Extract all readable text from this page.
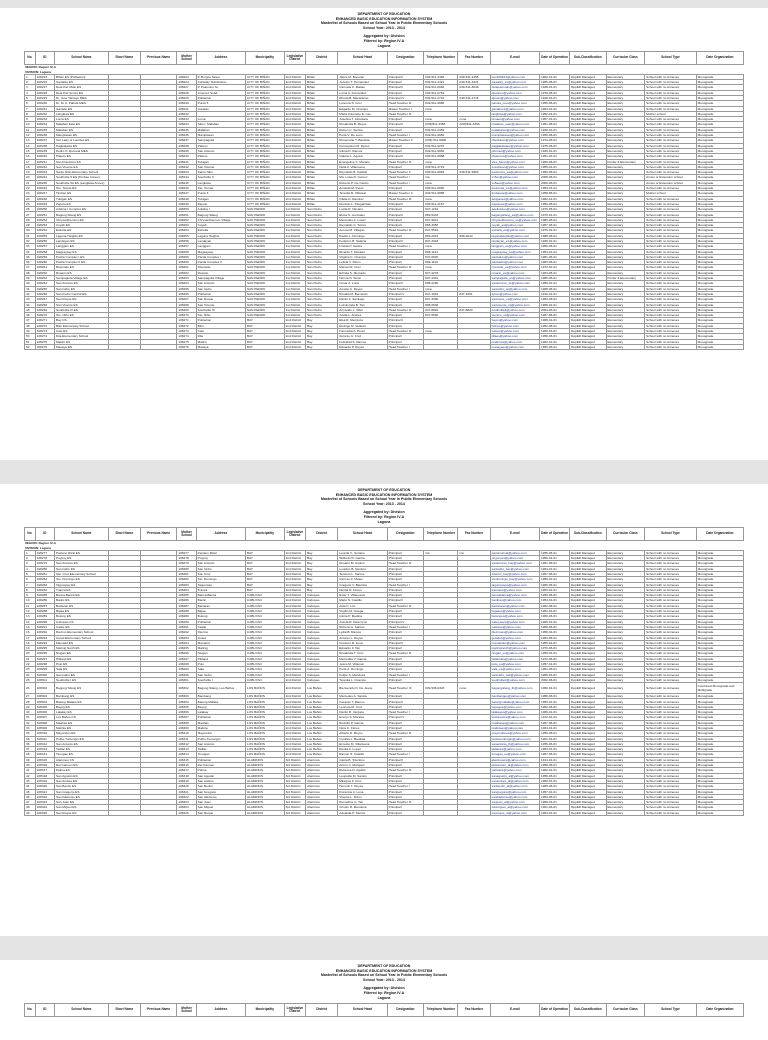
DEPARTMENT OF EDUCATION
ENHANCED BASIC EDUCATION INFORMATION SYSTEM
Masterlist of Schools Based on School Year in Public Elementary Schools
School Year: 2013 - 2014
Aggregated by: Division
Filtered by: Region IV-A
Laguna
No.	ID	School Name	Short Name	Previous Name	Mother School	Address	Municipality	Legislative District	District	School Head	Designation	Telephone Number	Fax Number	E-mail	Date of Operation	Sub-Classification	Curricular Class	School Type	Date Organization
REGION: Region IV-A																			
DIVISION: Laguna																			
1	108223	Biñan ES (Poblacion)			108223	P. Burgos Street	CITY OF BIÑAN	2nd District	Biñan	Jaime M. Bocoran	Principal II	049-511-4455	049-511-4455	bes108223@yahoo.com	1902-01-01	DepED Managed	Elementary	School with no Annexes	Monograde
2	108224	Canlalay ES			108224	Canlalay Subdivision	CITY OF BIÑAN	2nd District	Biñan	Jocelyn T. Hernandez	Principal I	049-511-3421	049-511-3421	canlalay_es@yahoo.com	1965-06-01	DepED Managed	Elementary	School with no Annexes	Monograde
3	108227	Dela Paz Main ES			108227	P. Palomino St.	CITY OF BIÑAN	2nd District	Biñan	Carmela C. Matias	Principal II	049-511-8048	049-511-8048	delapazmain@yahoo.com	1948-01-01	DepED Managed	Elementary	School with no Annexes	Monograde
4	108228	Dela Paz Annex ES			108228	Jimenez Subd.	CITY OF BIÑAN	2nd District	Biñan	Lorna A. Fernandez	Principal I	049-511-0762		dpannex@yahoo.com	1978-06-01	DepED Managed	Elementary	School with no Annexes	Monograde
5	108229	Dr. Jose Tamayo MES			108229	Poblacion	CITY OF BIÑAN	2nd District	Biñan	Rhoda B. Macaranas	Principal IV	049-511-2716	049-511-2716	djtmes@yahoo.com	1918-01-01	DepED Managed	Elementary	School with no Annexes	Monograde
6	108230	Dr. M. A. Pañola MES			108230	Purok 5	CITY OF BIÑAN	2nd District	Biñan	Leonora S. Cruz	Head Teacher III	049-511-9986		panola_mes@yahoo.com	1955-06-01	DepED Managed	Elementary	School with no Annexes	Monograde
7	108231	Ganado ES			108231	Ganado	CITY OF BIÑAN	2nd District	Biñan	Edgardo M. Ocampo	Master Teacher I	none		ganadoes@yahoo.com	1963-01-01	DepED Managed	Elementary	School with no Annexes	Monograde
8	108232	Langkiwa ES			108232		CITY OF BIÑAN	2nd District	Biñan	Maria Antonette E. Lao	Head Teacher III			langkiwa@yahoo.com	1952-01-01	DepED Managed	Elementary	Mother school	Monograde
9	108233	Loma ES			108233	Loma	CITY OF BIÑAN	2nd District	Biñan	Josefina T. Alcantara	Principal I	none	none	lomaes@yahoo.com	1957-01-01	DepED Managed	Elementary	School with no Annexes	Monograde
10	108234	Malaban East ES			108234	Sitio I, Malaban	CITY OF BIÑAN	2nd District	Biñan	Rosalinda B. Reyes	Principal II	(049)511-3356	(049)511-3356	malaban_east@yahoo.com	1961-06-01	DepED Managed	Elementary	School with no Annexes	Monograde
11	108235	Malaban ES			108235	Malaban	CITY OF BIÑAN	2nd District	Biñan	Ruben C. Santos	Principal I	049-511-2359		malabanes@yahoo.com	1930-01-01	DepED Managed	Elementary	School with no Annexes	Monograde
12	108236	Mamplasan ES			108236	Mamplasan	CITY OF BIÑAN	2nd District	Biñan	Perla V. De Leon	Head Teacher I	049-511-9982		mamplasanes@yahoo.com	1956-06-01	DepED Managed	Elementary	School with no Annexes	Monograde
13	108237	Our Lady of Lourdes ES			108237	Sampaguita	CITY OF BIÑAN	2nd District	Biñan	Rosemarie T. Bautista	Master Teacher II	(049) 511-9008		ollesbinan@yahoo.com	1974-06-01	DepED Managed	Elementary	School with no Annexes	Monograde
14	108238	Pagkakaisa ES			108238	Platero	CITY OF BIÑAN	2nd District	Biñan	Concepcion M. Flores	Principal I	049-511-9276		pagkakaisaes@yahoo.com	1975-06-01	DepED Managed	Elementary	School with no Annexes	Monograde
15	108239	Pedro H. Escueta MES			108239	San Antonio	CITY OF BIÑAN	2nd District	Biñan	Gloria D. Ramos	Principal I	049-511-9984		phemes@yahoo.com	1920-01-01	DepED Managed	Elementary	School with no Annexes	Monograde
16	108240	Platero ES			108240	Platero	CITY OF BIÑAN	2nd District	Biñan	Gabriel L. Aquino	Principal II	049-511-9988		plateroes@yahoo.com	1951-01-01	DepED Managed	Elementary	School with no Annexes	Monograde
17	108241	San Francisco ES			108241	Tubigan	CITY OF BIÑAN	2nd District	Biñan	Evangeline C. Manalo	Head Teacher III	none		sfes_binan@yahoo.com	1960-06-01	DepED Managed	Kinder & Elementary	School with no Annexes	Monograde
18	108242	San Vicente ES			108242	San Vicente	CITY OF BIÑAN	2nd District	Biñan	Nelia F. Villanueva	Principal I	049-511-4719		svesbinan@yahoo.com	1955-01-01	DepED Managed	Elementary	School with no Annexes	Monograde
19	108243	Santo Niño Elementary School			108243	Santo Niño	CITY OF BIÑAN	2nd District	Biñan	Reynaldo B. Castillo	Head Teacher II	049-511-9983	049-511-9983	santonino_es@yahoo.com	1966-06-01	DepED Managed	Elementary	School with no Annexes	Monograde
20	108244	Southville 5 ES (Timbao Annex)			108244	Southville 5	CITY OF BIÑAN	2nd District	Biñan	Ma. Luisa R. Gomez	Head Teacher I	n/a		sv5es@yahoo.com	2008-06-01	DepED Managed	Elementary	Annex or Extension school	Monograde
21	108245	Southville 5A ES (Langkiwa Annex)			108245	Langkiwa	CITY OF BIÑAN	2nd District	Biñan	Roberto P. De Castro	Head Teacher I	none		sv5aes@yahoo.com	2009-06-01	DepED Managed	Elementary	Annex or Extension school	Monograde
22	108246	Sto. Tomas ES			108246	Sto. Tomas	CITY OF BIÑAN	2nd District	Biñan	Zenaida M. Perez	Principal I	049-511-8090		stotomas_es@yahoo.com	1953-01-01	DepED Managed	Elementary	School with no Annexes	Monograde
23	108247	Timbao ES			108247	Purok 3	CITY OF BIÑAN	2nd District	Biñan	Teresita R. Villareal	Master Teacher II	049-511-9985		timbaoes@yahoo.com	1958-06-01	DepED Managed	Elementary	Mother school	Monograde
24	108248	Tubigan ES			108248	Tubigan	CITY OF BIÑAN	2nd District	Biñan	Ofelia D. Ramirez	Head Teacher III	none		tubiganes@yahoo.com	1962-01-01	DepED Managed	Elementary	School with no Annexes	Monograde
25	108249	Zapote ES			108249	Zapote	CITY OF BIÑAN	2nd District	Biñan	Dionisio L. Panganiban	Principal II	049-511-4157		zapotees@yahoo.com	1950-06-01	DepED Managed	Elementary	School with no Annexes	Monograde
26	108250	Adelina I Complex ES			108250	Adelina I	SAN PEDRO	1st District	San Pedro	Lucila R. Navarro	Principal I	847-1234		adelina1es@yahoo.com	1979-06-01	DepED Managed	Elementary	School with no Annexes	Monograde
27	108251	Bagong Silang ES			108251	Bagong Silang	SAN PEDRO	1st District	San Pedro	Elvira S. Gonzales	Principal II	869-5433		bagongsilang_es@yahoo.com	1970-01-01	DepED Managed	Elementary	School with no Annexes	Monograde
28	108252	Chrysanthemum ES			108252	Chrysanthemum Village	SAN PEDRO	1st District	San Pedro	Mercedes A. Lopez	Principal I	847-9611		chrysanthemum_es@yahoo.com	1985-06-01	DepED Managed	Elementary	School with no Annexes	Monograde
29	108253	Cuyab ES			108253	Cuyab	SAN PEDRO	1st District	San Pedro	Reynaldo G. Torres	Principal I	868-3350		cuyab_es@yahoo.com	1957-06-01	DepED Managed	Elementary	School with no Annexes	Monograde
30	108254	Estrella ES			108254	Estrella	SAN PEDRO	1st District	San Pedro	Aurora M. Villegas	Head Teacher III	847-5510		estrella_es@yahoo.com	1976-01-01	DepED Managed	Elementary	School with no Annexes	Monograde
31	108255	Laguna Heights ES			108255	Laguna Heights	SAN PEDRO	1st District	San Pedro	Pacita L. Domingo	Principal I	869-2044	869-2044	lagunaheights@yahoo.com	1988-06-01	DepED Managed	Elementary	School with no Annexes	Monograde
32	108256	Landayan ES			108256	Landayan	SAN PEDRO	1st District	San Pedro	Federico B. Salazar	Principal II	847-3318		landayan_es@yahoo.com	1926-01-01	DepED Managed	Elementary	School with no Annexes	Monograde
33	108257	Langgam ES			108257	Langgam	SAN PEDRO	1st District	San Pedro	Imelda P. Garcia	Head Teacher I	none		langgam_es@yahoo.com	1960-06-01	DepED Managed	Elementary	School with no Annexes	Monograde
34	108258	Magsaysay ES			108258	Magsaysay	SAN PEDRO	1st District	San Pedro	Ricardo T. Morales	Principal I	808-1134		magsaysay_sp@yahoo.com	1954-01-01	DepED Managed	Elementary	School with no Annexes	Monograde
35	108259	Pacita Complex I ES			108259	Pacita Complex I	SAN PEDRO	1st District	San Pedro	Virginia C. Ocampo	Principal II	847-6620		pacita1es@yahoo.com	1981-06-01	DepED Managed	Elementary	School with no Annexes	Monograde
36	108260	Pacita Complex II ES			108260	Pacita Complex II	SAN PEDRO	1st District	San Pedro	Leticia V. Dizon	Principal I	869-1129		pacita2es@yahoo.com	1983-06-01	DepED Managed	Elementary	School with no Annexes	Monograde
37	108261	Riverside ES			108261	Riverside	SAN PEDRO	1st District	San Pedro	Manuel R. Cruz	Head Teacher III	none		riverside_es@yahoo.com	1972-01-01	DepED Managed	Elementary	School with no Annexes	Monograde
38	108262	Rosario ES			108262	Rosario	SAN PEDRO	1st District	San Pedro	Erlinda S. Mercado	Principal I	847-2276		rosario_es@yahoo.com	1964-06-01	DepED Managed	Elementary	School with no Annexes	Monograde
39	108263	Sampaguita Village ES			108263	Sampaguita Village	SAN PEDRO	1st District	San Pedro	Norma D. Sison	Principal I	847-4431		sampaguita_es@yahoo.com	1986-06-01	DepED Managed	Kinder & Elementary	School with no Annexes	Monograde
40	108264	San Antonio ES			108264	San Antonio	SAN PEDRO	1st District	San Pedro	Cesar A. Luna	Principal II	808-2290		sanantonio_sp@yahoo.com	1959-01-01	DepED Managed	Elementary	School with no Annexes	Monograde
41	108265	San Isidro ES			108265	San Isidro	SAN PEDRO	1st District	San Pedro	Amelia G. Reyes	Head Teacher I	none		sanisidro_sp@yahoo.com	1968-06-01	DepED Managed	Elementary	School with no Annexes	Monograde
42	108266	San Pedro Central ES			108266	Poblacion	SAN PEDRO	1st District	San Pedro	Rosalia M. Bernardo	Principal IV	847-1001	847-1001	spces@yahoo.com	1910-01-01	DepED Managed	Elementary	School with no Annexes	Monograde
43	108267	San Roque ES			108267	San Roque	SAN PEDRO	1st District	San Pedro	Danilo F. Santiago	Principal I	847-3390		sanroque_sp@yahoo.com	1963-06-01	DepED Managed	Elementary	School with no Annexes	Monograde
44	108268	San Vicente ES			108268	San Vicente	SAN PEDRO	1st District	San Pedro	Luzviminda B. Tan	Principal I	808-6638		sanvicente_sp@yahoo.com	1956-01-01	DepED Managed	Elementary	School with no Annexes	Monograde
45	108269	Southville III ES			108269	Southville III	SAN PEDRO	1st District	San Pedro	Armando J. Villar	Head Teacher III	847-8820	847-8820	southville3@yahoo.com	2004-06-01	DepED Managed	Elementary	School with no Annexes	Monograde
46	108270	Sto. Niño ES			108270	Sto. Niño	SAN PEDRO	1st District	San Pedro	Jovita L. Andres	Principal I	847-5590		stonino_sp@yahoo.com	1967-06-01	DepED Managed	Elementary	School with no Annexes	Monograde
47	108271	Bay CS			108271	Poblacion	BAY	2nd District	Bay	Elsa R. Mendoza	Principal II			baycs@yahoo.com	1908-01-01	DepED Managed	Elementary	School with no Annexes	Monograde
48	108272	Bitin Elementary School			108272	Bitin	BAY	2nd District	Bay	Rodrigo M. Velasco	Principal I			bitines@yahoo.com	1952-06-01	DepED Managed	Elementary	School with no Annexes	Monograde
49	108273	Calo ES			108273	Calo	BAY	2nd District	Bay	Carmelita A. Perez	Head Teacher III	none		caloes@yahoo.com	1960-01-01	DepED Managed	Elementary	School with no Annexes	Monograde
50	108274	Dila Elementary School			108274	Dila	BAY	2nd District	Bay	Antonio G. Cruz	Principal I			dilaes@yahoo.com	1958-06-01	DepED Managed	Elementary	School with no Annexes	Monograde
51	108275	Maitim ES			108275	Maitim	BAY	2nd District	Bay	Felicidad S. Ramos	Principal I			maitimes@yahoo.com	1962-01-01	DepED Managed	Elementary	School with no Annexes	Monograde
52	108276	Masaya ES			108276	Masaya	BAY	2nd District	Bay	Eduardo P. Reyes	Head Teacher I			masayaes@yahoo.com	1965-06-01	DepED Managed	Elementary	School with no Annexes	Monograde
DEPARTMENT OF EDUCATION
ENHANCED BASIC EDUCATION INFORMATION SYSTEM
Masterlist of Schools Based on School Year in Public Elementary Schools
School Year: 2013 - 2014
Aggregated by: Division
Filtered by: Region IV-A
Laguna
No.	ID	School Name	Short Name	Previous Name	Mother School	Address	Municipality	Legislative District	District	School Head	Designation	Telephone Number	Fax Number	E-mail	Date of Operation	Sub-Classification	Curricular Class	School Type	Date Organization
REGION: Region IV-A																			
DIVISION: Laguna																			
1	108277	Paciano Rizal ES			108277	Paciano Rizal	BAY	2nd District	Bay	Leonila C. Soriano	Principal I	n/a	n/a	pacianorizal@yahoo.com	1955-06-01	DepED Managed	Elementary	School with no Annexes	Monograde
2	108278	Puypuy ES			108278	Puypuy	BAY	2nd District	Bay	Wilfredo R. Garcia	Principal I			puypuyes@yahoo.com	1950-01-01	DepED Managed	Elementary	School with no Annexes	Monograde
3	108279	San Antonio ES			108279	San Antonio	BAY	2nd District	Bay	Rosario M. Aquino	Head Teacher III			sanantonio_bay@yahoo.com	1961-06-01	DepED Managed	Elementary	School with no Annexes	Monograde
4	108280	San Isidro ES			108280	San Isidro	BAY	2nd District	Bay	Lourdes B. Navarro	Principal I			sanisidro_bay@yahoo.com	1964-01-01	DepED Managed	Elementary	School with no Annexes	Monograde
5	108281	Sta. Cruz Elementary School			108281	Sta. Cruz	BAY	2nd District	Bay	Teodoro L. Santos	Principal I			stacruz_bay@yahoo.com	1957-06-01	DepED Managed	Elementary	School with no Annexes	Monograde
6	108282	Sto. Domingo ES			108282	Sto. Domingo	BAY	2nd District	Bay	Carmen F. Mateo	Principal I			stodomingo_bay@yahoo.com	1959-01-01	DepED Managed	Elementary	School with no Annexes	Monograde
7	108283	Tagumpay ES			108283	Tagumpay	BAY	2nd District	Bay	Gregorio V. Bautista	Head Teacher I			tagumpayes@yahoo.com	1966-06-01	DepED Managed	Elementary	School with no Annexes	Monograde
8	108284	Tranca ES			108284	Tranca	BAY	2nd District	Bay	Nenita D. Flores	Principal I			trancaes@yahoo.com	1953-01-01	DepED Managed	Elementary	School with no Annexes	Monograde
9	108285	Banca-Banca ES			108285	Banca-Banca	CABUYAO	2nd District	Cabuyao	Ester T. Villanueva	Principal I			bancabanca@yahoo.com	1956-06-01	DepED Managed	Elementary	School with no Annexes	Monograde
10	108286	Banlic ES			108286	Banlic	CABUYAO	2nd District	Cabuyao	Mario S. Castillo	Principal II			banlices@yahoo.com	1954-01-01	DepED Managed	Elementary	School with no Annexes	Monograde
11	108287	Baclaran ES			108287	Baclaran	CABUYAO	2nd District	Cabuyao	Aida C. Lim	Head Teacher III			baclaranes@yahoo.com	1962-06-01	DepED Managed	Elementary	School with no Annexes	Monograde
12	108288	Bigaa ES			108288	Bigaa	CABUYAO	2nd District	Cabuyao	Virgilio M. Ortega	Principal I			bigaaes@yahoo.com	1951-01-01	DepED Managed	Elementary	School with no Annexes	Monograde
13	108289	Butong ES			108289	Butong	CABUYAO	2nd District	Cabuyao	Gloria P. Medina	Principal I			butonges@yahoo.com	1960-06-01	DepED Managed	Elementary	School with no Annexes	Monograde
14	108290	Cabuyao CS			108290	Poblacion	CABUYAO	2nd District	Cabuyao	Josefa R. Dela Cruz	Principal IV			cabuyaocs@yahoo.com	1905-01-01	DepED Managed	Elementary	School with no Annexes	Monograde
15	108291	Casile ES			108291	Casile	CABUYAO	2nd District	Cabuyao	Roberto A. Santos	Head Teacher I			casilees@yahoo.com	1968-06-01	DepED Managed	Elementary	School with no Annexes	Monograde
16	108292	Diezmo Elementary School			108292	Diezmo	CABUYAO	2nd District	Cabuyao	Lydia B. Ramos	Principal I			diezmoes@yahoo.com	1958-01-01	DepED Managed	Elementary	School with no Annexes	Monograde
17	108293	Gulod Elementary School			108293	Gulod	CABUYAO	2nd District	Cabuyao	Antonio L. Reyes	Principal I			gulodes@yahoo.com	1963-06-01	DepED Managed	Elementary	School with no Annexes	Monograde
18	108294	Mamatid ES			108294	Mamatid	CABUYAO	2nd District	Cabuyao	Corazon D. Luna	Principal II			mamatides@yahoo.com	1955-01-01	DepED Managed	Elementary	School with no Annexes	Monograde
19	108295	Marinig North ES			108295	Marinig	CABUYAO	2nd District	Cabuyao	Eduardo F. Tan	Principal I			marinignorth@yahoo.com	1970-06-01	DepED Managed	Elementary	School with no Annexes	Monograde
20	108296	Niugan ES			108296	Niugan	CABUYAO	2nd District	Cabuyao	Rosalinda T. Cruz	Head Teacher III			niugan_es@yahoo.com	1959-01-01	DepED Managed	Elementary	School with no Annexes	Monograde
21	108297	Pittland ES			108297	Pittland	CABUYAO	2nd District	Cabuyao	Mercedita V. Garcia	Principal I			pittlandes@yahoo.com	1972-06-01	DepED Managed	Elementary	School with no Annexes	Monograde
22	108298	Pulo ES			108298	Pulo	CABUYAO	2nd District	Cabuyao	Jesus M. Villareal	Principal I			pulo_es@yahoo.com	1957-01-01	DepED Managed	Elementary	School with no Annexes	Monograde
23	108299	Sala ES			108299	Sala	CABUYAO	2nd District	Cabuyao	Perla A. Domingo	Principal I			sala_es@yahoo.com	1961-06-01	DepED Managed	Elementary	School with no Annexes	Monograde
24	108300	San Isidro ES			108300	San Isidro	CABUYAO	2nd District	Cabuyao	Felipe S. Mendoza	Head Teacher I			sanisidro_cab@yahoo.com	1965-01-01	DepED Managed	Elementary	School with no Annexes	Monograde
25	108301	Southville I ES			108301	Southville I	CABUYAO	2nd District	Cabuyao	Teresita L. Ocampo	Principal I			southville1@yahoo.com	2002-06-01	DepED Managed	Elementary	School with no Annexes	Monograde
26	108302	Bagong Silang ES			108302	Bagong Silang, Los Baños	LOS BAÑOS	2nd District	Los Baños	Bienvenido D. De Jesus	Head Teacher III	049-536-0323	none	bagongsilang_lb@yahoo.com	1960-01-01	DepED Managed	Elementary	School with no Annexes	Combined Monograde and Multigrade
27	108303	Bambang ES			108303	Bambang	LOS BAÑOS	2nd District	Los Baños	Mercedes A. Santos	Principal I			bambanges@yahoo.com	1958-06-01	DepED Managed	Elementary	School with no Annexes	Monograde
28	108304	Batong Malake ES			108304	Batong Malake	LOS BAÑOS	2nd District	Los Baños	Gerardo T. Ramos	Principal II			batongmalake@yahoo.com	1953-01-01	DepED Managed	Elementary	School with no Annexes	Monograde
29	108305	Bayog ES			108305	Bayog	LOS BAÑOS	2nd District	Los Baños	Leonora M. Cruz	Principal I			bayoges@yahoo.com	1962-06-01	DepED Managed	Elementary	School with no Annexes	Monograde
30	108306	Lalakay ES			108306	Lalakay	LOS BAÑOS	2nd District	Los Baños	Danilo R. Vergara	Head Teacher I			lalakayes@yahoo.com	1966-01-01	DepED Managed	Elementary	School with no Annexes	Monograde
31	108307	Los Baños CS			108307	Poblacion	LOS BAÑOS	2nd District	Los Baños	Evelyn S. Morales	Principal IV			losbanoscs@yahoo.com	1912-01-01	DepED Managed	Elementary	School with no Annexes	Monograde
32	108308	Maahas ES			108308	Maahas	LOS BAÑOS	2nd District	Los Baños	Rodolfo P. Garcia	Principal I			maahases@yahoo.com	1957-06-01	DepED Managed	Elementary	School with no Annexes	Monograde
33	108309	Malinta ES			108309	Malinta	LOS BAÑOS	2nd District	Los Baños	Nora C. Flores	Principal I			malintaes@yahoo.com	1964-01-01	DepED Managed	Elementary	School with no Annexes	Monograde
34	108310	Mayondon ES			108310	Mayondon	LOS BAÑOS	2nd District	Los Baños	Alberto D. Reyes	Head Teacher III			mayondones@yahoo.com	1959-06-01	DepED Managed	Elementary	School with no Annexes	Monograde
35	108311	Putho-Tuntungin ES			108311	Putho-Tuntungin	LOS BAÑOS	2nd District	Los Baños	Cynthia L. Bautista	Principal I			puthotuntungin@yahoo.com	1961-01-01	DepED Managed	Elementary	School with no Annexes	Monograde
36	108312	San Antonio ES			108312	San Antonio	LOS BAÑOS	2nd District	Los Baños	Ernesto M. Villanueva	Principal I			sanantonio_lb@yahoo.com	1955-06-01	DepED Managed	Elementary	School with no Annexes	Monograde
37	108313	Tadlac ES			108313	Tadlac	LOS BAÑOS	2nd District	Los Baños	Rosita A. Lopez	Principal I			tadlaces@yahoo.com	1963-01-01	DepED Managed	Elementary	School with no Annexes	Monograde
38	108314	Timugan ES			108314	Timugan	LOS BAÑOS	2nd District	Los Baños	Ramon S. Castillo	Head Teacher I			timugan_es@yahoo.com	1967-06-01	DepED Managed	Elementary	School with no Annexes	Monograde
39	108315	Alaminos CS			108315	Poblacion	ALAMINOS	3rd District	Alaminos	Gloria B. Tolentino	Principal II			alaminoscs@yahoo.com	1914-01-01	DepED Managed	Elementary	School with no Annexes	Monograde
40	108316	Del Carmen ES			108316	Del Carmen	ALAMINOS	3rd District	Alaminos	Arturo C. Marquez	Principal I			delcarmen_al@yahoo.com	1958-06-01	DepED Managed	Elementary	School with no Annexes	Monograde
41	108317	Palma ES			108317	Palma	ALAMINOS	3rd District	Alaminos	Rebecca D. Aguilar	Head Teacher III			palmaes@yahoo.com	1962-01-01	DepED Managed	Elementary	School with no Annexes	Monograde
42	108318	San Agustin ES			108318	San Agustin	ALAMINOS	3rd District	Alaminos	Leopoldo M. Santos	Principal I			sanagustin_al@yahoo.com	1956-06-01	DepED Managed	Elementary	School with no Annexes	Monograde
43	108319	San Andres ES			108319	San Andres	ALAMINOS	3rd District	Alaminos	Milagros F. Cruz	Principal I			sanandres_al@yahoo.com	1960-01-01	DepED Managed	Elementary	School with no Annexes	Monograde
44	108320	San Benito ES			108320	San Benito	ALAMINOS	3rd District	Alaminos	Honorio T. Reyes	Head Teacher I			sanbenito_al@yahoo.com	1965-06-01	DepED Managed	Elementary	School with no Annexes	Monograde
45	108321	San Gregorio ES			108321	San Gregorio	ALAMINOS	3rd District	Alaminos	Florencia A. Luna	Principal I			sangregorio@yahoo.com	1957-01-01	DepED Managed	Elementary	School with no Annexes	Monograde
46	108322	San Ildefonso ES			108322	San Ildefonso	ALAMINOS	3rd District	Alaminos	Vicente L. Dizon	Principal I			sanildefonso@yahoo.com	1963-06-01	DepED Managed	Elementary	School with no Annexes	Monograde
47	108323	San Juan ES			108323	San Juan	ALAMINOS	3rd District	Alaminos	Remedios G. Tan	Head Teacher III			sanjuan_al@yahoo.com	1959-01-01	DepED Managed	Elementary	School with no Annexes	Monograde
48	108324	San Miguel ES			108324	San Miguel	ALAMINOS	3rd District	Alaminos	Crispin R. Mendoza	Principal I			sanmiguel_al@yahoo.com	1961-06-01	DepED Managed	Elementary	School with no Annexes	Monograde
49	108325	San Roque ES			108325	San Roque	ALAMINOS	3rd District	Alaminos	Adelaida P. Santos	Principal I			sanroque_al@yahoo.com	1964-01-01	DepED Managed	Elementary	School with no Annexes	Monograde
DEPARTMENT OF EDUCATION
ENHANCED BASIC EDUCATION INFORMATION SYSTEM
Masterlist of Schools Based on School Year in Public Elementary Schools
School Year: 2013 - 2014
Aggregated by: Division
Filtered by: Region IV-A
Laguna
No.	ID	School Name	Short Name	Previous Name	Mother School	Address	Municipality	Legislative District	District	School Head	Designation	Telephone Number	Fax Number	E-mail	Date of Operation	Sub-Classification	Curricular Class	School Type	Date Organization
